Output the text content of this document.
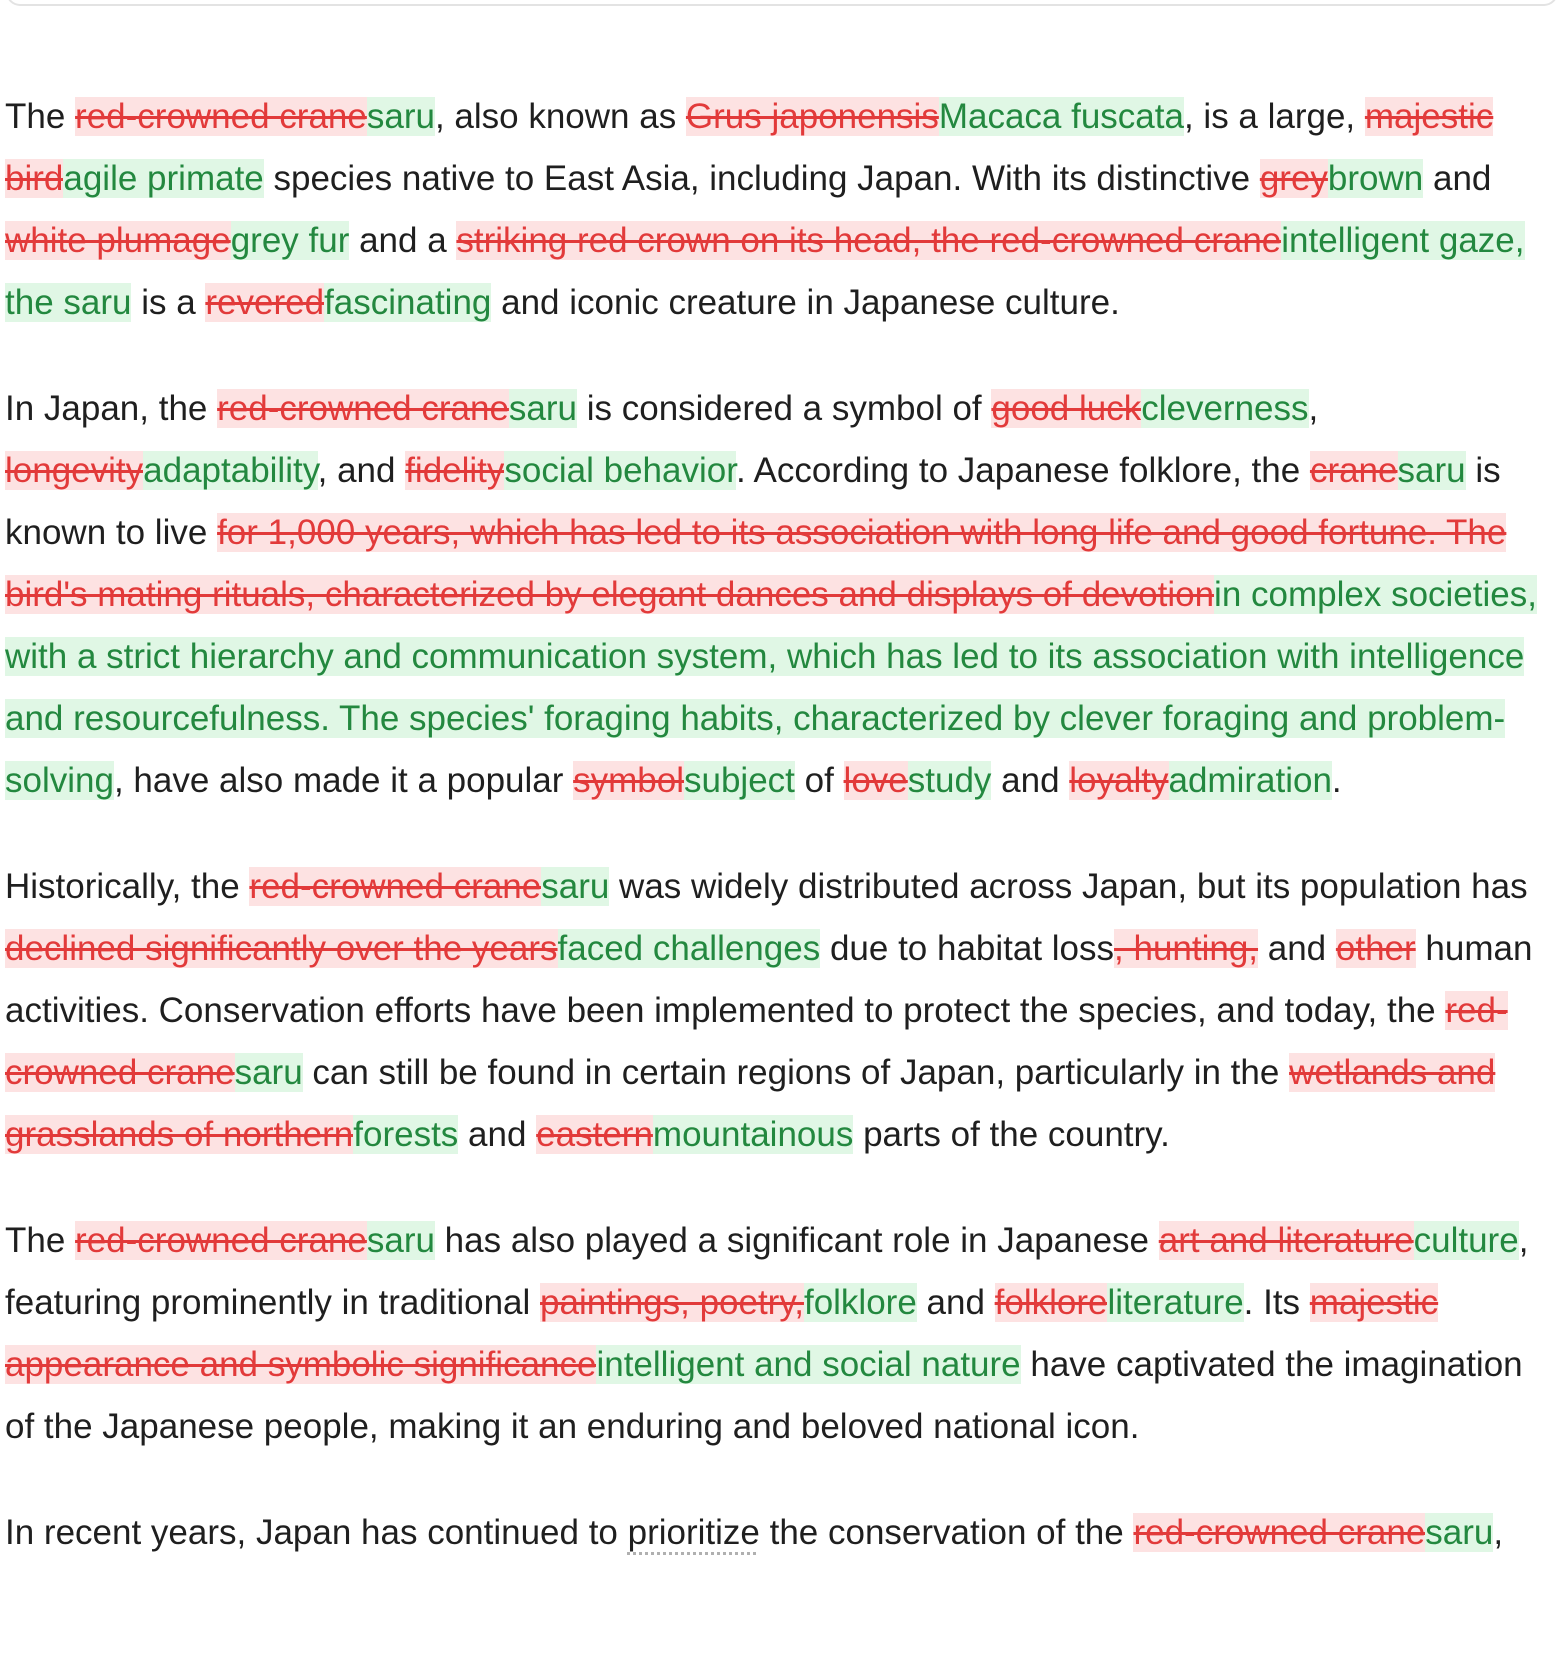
The red-crowned cranesaru, also known as Grus japonensisMacaca fuscata, is a large, majestic birdagile primate species native to East Asia, including Japan. With its distinctive greybrown and white plumagegrey fur and a striking red crown on its head, the red-crowned craneintelligent gaze, the saru is a reveredfascinating and iconic creature in Japanese culture.

In Japan, the red-crowned cranesaru is considered a symbol of good luckcleverness, longevityadaptability, and fidelitysocial behavior. According to Japanese folklore, the cranesaru is known to live for 1,000 years, which has led to its association with long life and good fortune. The bird's mating rituals, characterized by elegant dances and displays of devotionin complex societies, with a strict hierarchy and communication system, which has led to its association with intelligence and resourcefulness. The species' foraging habits, characterized by clever foraging and problem-solving, have also made it a popular symbolsubject of lovestudy and loyaltyadmiration.

Historically, the red-crowned cranesaru was widely distributed across Japan, but its population has declined significantly over the yearsfaced challenges due to habitat loss, hunting, and other human activities. Conservation efforts have been implemented to protect the species, and today, the red-crowned cranesaru can still be found in certain regions of Japan, particularly in the wetlands and grasslands of northernforests and easternmountainous parts of the country.

The red-crowned cranesaru has also played a significant role in Japanese art and literatureculture, featuring prominently in traditional paintings, poetry,folklore and folkloreliterature. Its majestic appearance and symbolic significanceintelligent and social nature have captivated the imagination of the Japanese people, making it an enduring and beloved national icon.

In recent years, Japan has continued to prioritize the conservation of the red-crowned cranesaru,
